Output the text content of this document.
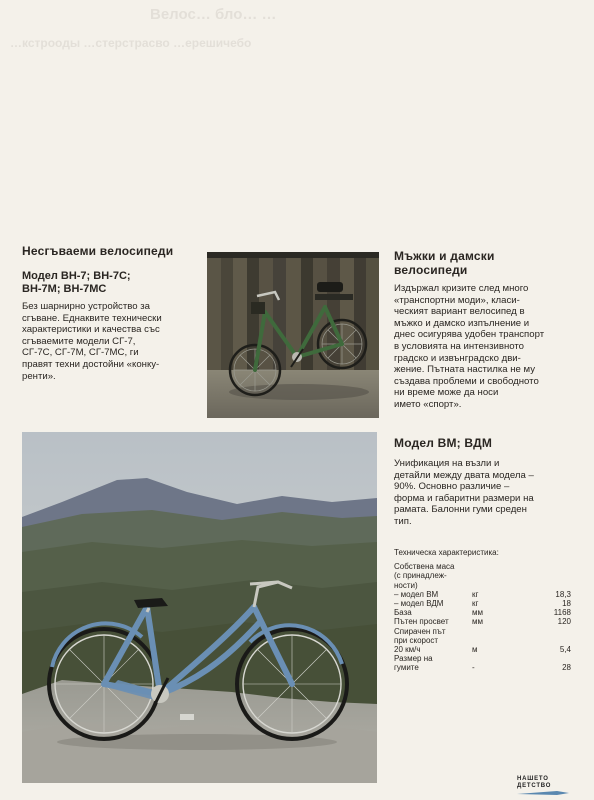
Велос… бло… …
…кстрооды …стерстрасво …ерешичебо
Несгъваеми велосипеди
Модел ВН-7; ВН-7С;
ВН-7М; ВН-7МС

Без шарнирно устройство за

сгъване. Еднаквите технически

характеристики и качества със

сгъваемите модели СГ-7,

СГ-7С, СГ-7М, СГ-7МС, ги

правят техни достойни «конку-

ренти».

Мъжки и дамски
велосипеди

Издържал кризите след много

«транспортни моди», класи-

ческият вариант велосипед в

мъжко и дамско изпълнение и

днес осигурява удобен транспорт

в условията на интензивното

градско и извънградско дви-

жение. Пътната настилка не му

създава проблеми и свободното

ни време може да носи

името «спорт».

Модел ВМ; ВДМ

Унификация на възли и

детайли между двата модела –

90%. Основно различие –

форма и габаритни размери на

рамата. Балонни гуми среден

тип.

Техническа характеристика:
Собствена маса		
(с принадлеж-		
ности)		
– модел ВМ	кг	18,3
– модел ВДМ	кг	18
База	мм	1168
Пътен просвет	мм	120
Спирачен път		
при скорост		
20 км/ч	м	5,4
Размер на		
гумите	-	28
НАШЕТО
ДЕТСТВО
